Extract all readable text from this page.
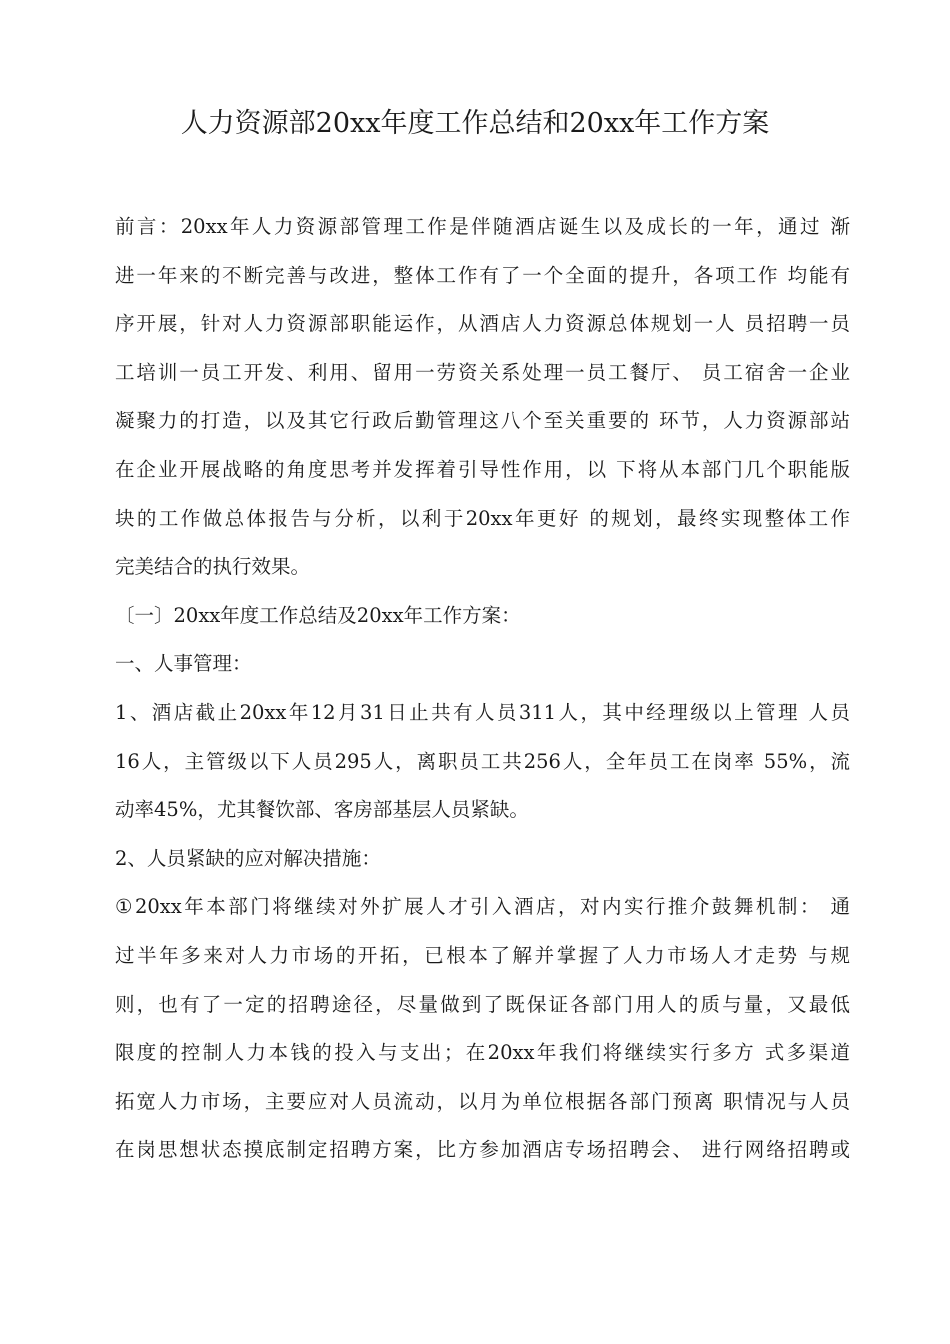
人力资源部20xx年度工作总结和20xx年工作方案
前言：20xx年人力资源部管理工作是伴随酒店诞生以及成长的一年，通过 渐
进一年来的不断完善与改进，整体工作有了一个全面的提升，各项工作 均能有
序开展，针对人力资源部职能运作，从酒店人力资源总体规划一人 员招聘一员
工培训一员工开发、利用、留用一劳资关系处理一员工餐厅、 员工宿舍一企业
凝聚力的打造，以及其它行政后勤管理这八个至关重要的 环节，人力资源部站
在企业开展战略的角度思考并发挥着引导性作用，以 下将从本部门几个职能版
块的工作做总体报告与分析，以利于20xx年更好 的规划，最终实现整体工作
完美结合的执行效果。
〔一〕20xx年度工作总结及20xx年工作方案：
一、人事管理：
1、酒店截止20xx年12月31日止共有人员311人，其中经理级以上管理 人员
16人，主管级以下人员295人，离职员工共256人，全年员工在岗率 55%，流
动率45%，尤其餐饮部、客房部基层人员紧缺。
2、人员紧缺的应对解决措施：
①20xx年本部门将继续对外扩展人才引入酒店，对内实行推介鼓舞机制： 通
过半年多来对人力市场的开拓，已根本了解并掌握了人力市场人才走势 与规
则，也有了一定的招聘途径，尽量做到了既保证各部门用人的质与量，又最低
限度的控制人力本钱的投入与支出；在20xx年我们将继续实行多方 式多渠道
拓宽人力市场，主要应对人员流动，以月为单位根据各部门预离 职情况与人员
在岗思想状态摸底制定招聘方案，比方参加酒店专场招聘会、 进行网络招聘或
